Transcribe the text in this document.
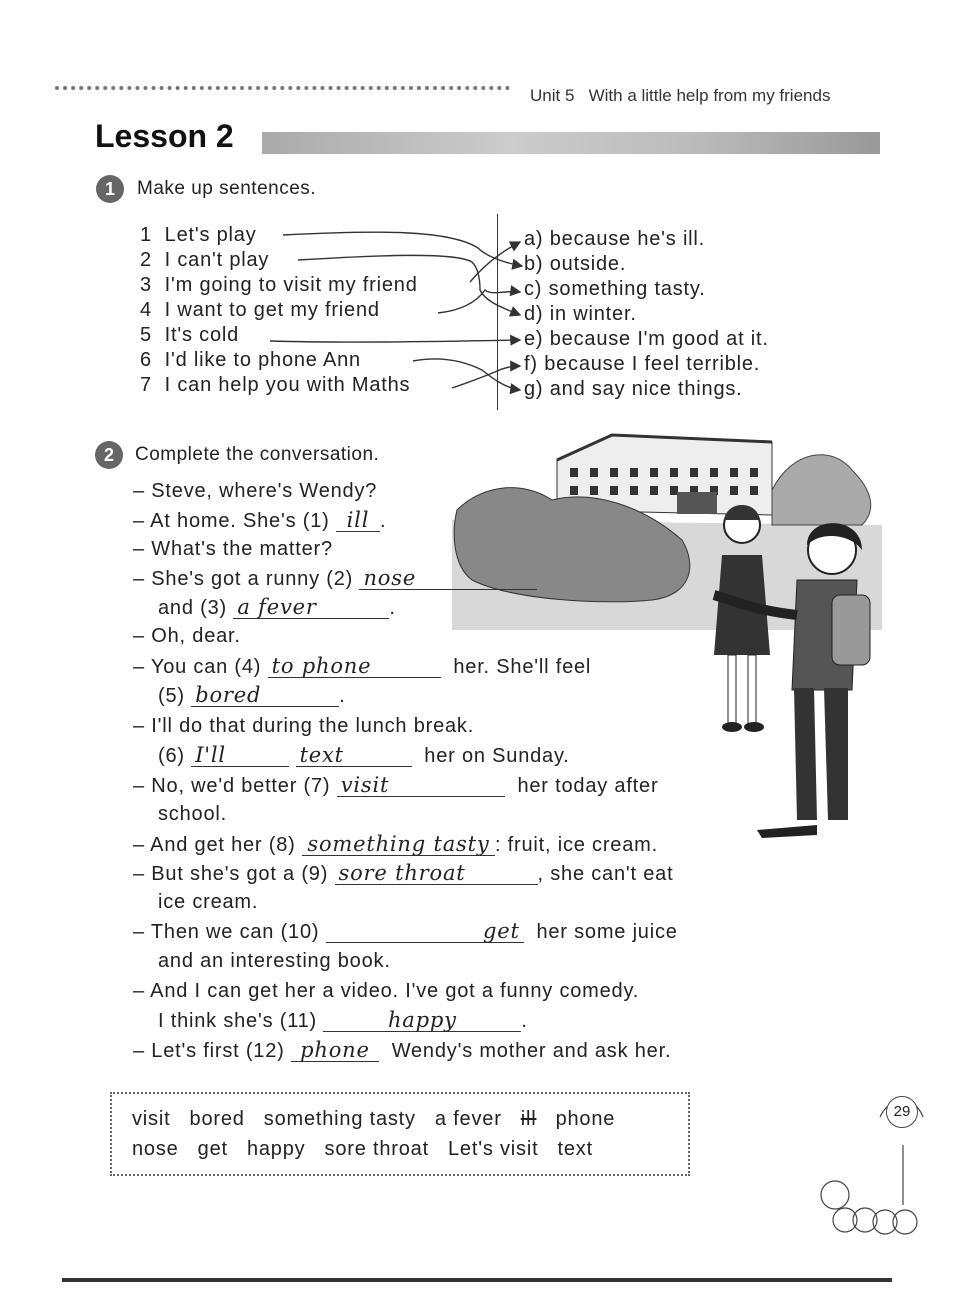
Unit 5 With a little help from my friends
Lesson 2
1	Make up sentences.
1 Let's play
2 I can't play
3 I'm going to visit my friend
4 I want to get my friend
5 It's cold
6 I'd like to phone Ann
7 I can help you with Maths
a) because he's ill.
b) outside.
c) something tasty.
d) in winter.
e) because I'm good at it.
f) because I feel terrible.
g) and say nice things.
2	Complete the conversation.
– Steve, where's Wendy?
– At home. She's (1) ill .
– What's the matter?
– She's got a runny (2) nose
and (3) a fever	.
– Oh, dear.
– You can (4) to phone	her. She'll feel
(5) bored	.
– I'll do that during the lunch break.
(6) I'll	text	her on Sunday.
– No, we'd better (7) visit	her today after
school.
– And get her (8) something tasty : fruit, ice cream.
– But she's got a (9) sore throat	, she can't eat
ice cream.
– Then we can (10)	get her some juice
and an interesting book.
– And I can get her a video. I've got a funny comedy.
I think she's (11)	happy	.
– Let's first (12) phone Wendy's mother and ask her.
visit bored something tasty a fever ill phone
nose get happy sore throat Let's visit text
29
